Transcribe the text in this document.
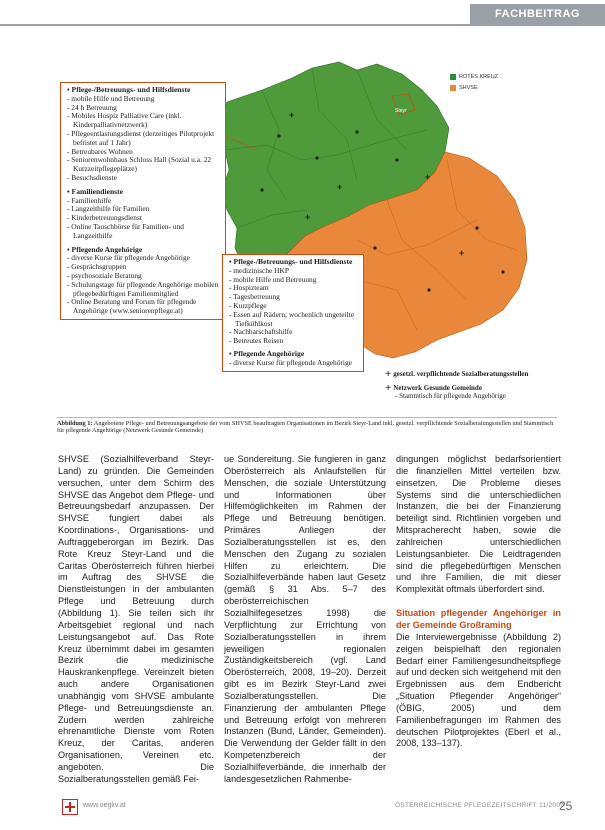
FACHBEITRAG
Steyr
+
+
+
+
+
ROTES KREUZ
SHVSE
• Pflege-/Betreuungs- und Hilfsdienste
- mobile Hilfe und Betreuung
- 24 h Betreuung
- Mobiles Hospiz Palliative Care (inkl. Kinderpalliativnetzwerk)
- Pflegeentlastungsdienst (derzeitiges Pilotprojekt befristet auf 1 Jahr)
- Betreubares Wohnen
- Seniorenwohnhaus Schloss Hall (Sozial u.a. 22 Kurzzeitpflegeplätze)
- Besuchsdienste
• Familiendienste
- Familienhilfe
- Langzeithilfe für Familien
- Kinderbetreuungsdienst
- Online Tauschbörse für Familien- und Langzeithilfe
• Pflegende Angehörige
- diverse Kurse für pflegende Angehörige
- Gesprächsgruppen
- psychosoziale Beratung
- Schulungstage für pflegende Angehörige mobilen pflegebedürftigen Familienmitglied
- Online Beratung und Forum für pflegende Angehörige (www.seniorenpflege.at)
• Pflege-/Betreuungs- und Hilfsdienste
- medizinische HKP
- mobile Hilfe und Betreuung
- Hospizteam
- Tagesbetreuung
- Kurzpflege
- Essen auf Rädern; wochenlich ungeteilte Tiefkühlkost
- Nachbarschaftshilfe
- Betreutes Reisen
• Pflegende Angehörige
- diverse Kurse für pflegende Angehörige
+ gesetzl. verpflichtende Sozialberatungsstellen
+ Netzwerk Gesunde Gemeinde
- Stammtisch für pflegende Angehörige
Abbildung 1: Angebotene Pflege- und Betreuungsangebote der vom SHVSE beauftragten Organisationen im Bezirk Steyr-Land inkl. gesetzl. verpflichtende Sozialberatungsstellen und Stammtisch für pflegende Angehörige (Netzwerk Gesunde Gemeinde)

SHVSE (Sozialhilfeverband Steyr-Land) zu gründen. Die Gemeinden versuchen, unter dem Schirm des SHVSE das Angebot dem Pflege- und Betreuungsbedarf anzupassen. Der SHVSE fungiert dabei als Koordinations-, Organisations- und Auftraggeberorgan im Bezirk. Das Rote Kreuz Steyr-Land und die Caritas Oberösterreich führen hierbei im Auftrag des SHVSE die Dienstleistungen in der ambulanten Pflege und Betreuung durch (Abbildung 1). Sie teilen sich ihr Arbeitsgebiet regional und nach Leistungsangebot auf. Das Rote Kreuz übernimmt dabei im gesamten Bezirk die medizinische Hauskrankenpflege. Vereinzelt bieten auch andere Organisationen unabhängig vom SHVSE ambulante Pflege- und Betreuungsdienste an. Zudem werden zahlreiche ehrenamtliche Dienste vom Roten Kreuz, der Caritas, anderen Organisationen, Vereinen etc. angeboten. Die Sozialberatungsstellen gemäß Fei-

ue Sondereitung. Sie fungieren in ganz Oberösterreich als Anlaufstellen für Menschen, die soziale Unterstützung und Informationen über Hilfemöglichkeiten im Rahmen der Pflege und Betreuung benötigen. Primäres Anliegen der Sozialberatungsstellen ist es, den Menschen den Zugang zu sozialen Hilfen zu erleichtern. Die Sozialhilfeverbände haben laut Gesetz (gemäß § 31 Abs. 5–7 des oberösterreichischen Sozialhilfegesetzes 1998) die Verpflichtung zur Errichtung von Sozialberatungsstellen in ihrem jeweiligen regionalen Zuständigkeitsbereich (vgl. Land Oberösterreich, 2008, 19–20). Derzeit gibt es im Bezirk Steyr-Land zwei Sozialberatungsstellen. Die Finanzierung der ambulanten Pflege und Betreuung erfolgt von mehreren Instanzen (Bund, Länder, Gemeinden). Die Verwendung der Gelder fällt in den Kompetenzbereich der Sozialhilfeverbände, die innerhalb der landesgesetzlichen Rahmenbe-

dingungen möglichst bedarfsorientiert die finanziellen Mittel verteilen bzw. einsetzen. Die Probleme dieses Systems sind die unterschiedlichen Instanzen, die bei der Finanzierung beteiligt sind. Richtlinien vorgeben und Mitspracherecht haben, sowie die zahlreichen unterschiedlichen Leistungsanbieter. Die Leidtragenden sind die pflegebedürftigen Menschen und ihre Familien, die mit dieser Komplexität oftmals überfordert sind.

Situation pflegender Angehöriger in der Gemeinde Großraming

Die Interviewergebnisse (Abbildung 2) zeigen beispielhaft den regionalen Bedarf einer Familiengesundheitspflege auf und decken sich weitgehend mit den Ergebnissen aus dem Endbericht „Situation Pflegender Angehöriger“ (ÖBIG, 2005) und dem Familienbefragungen im Rahmen des deutschen Pilotprojektes (Eberl et al., 2008, 133–137).

www.oegkv.at	ÖSTERREICHISCHE PFLEGEZEITSCHRIFT 11/2009
25
